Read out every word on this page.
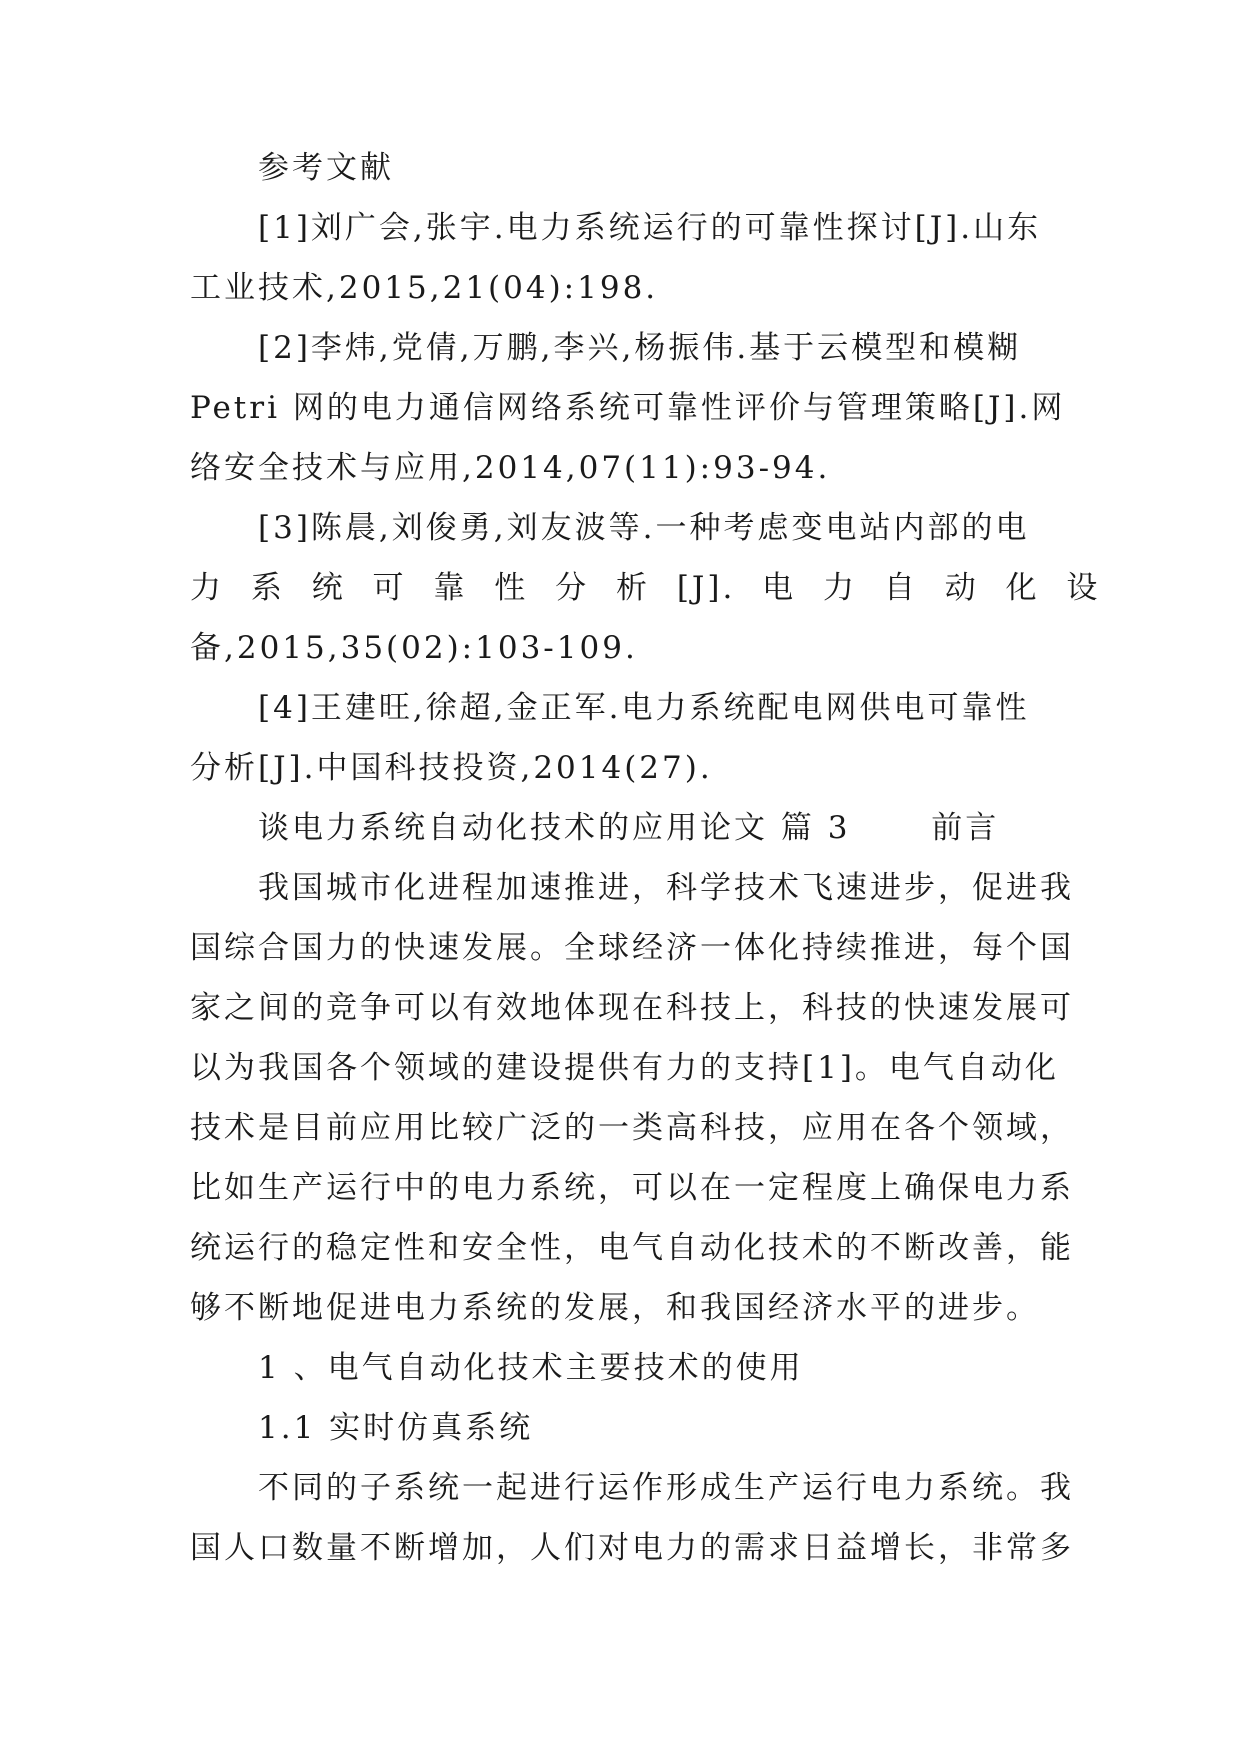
参考文献
[1]刘广会,张宇.电力系统运行的可靠性探讨[J].山东
工业技术,2015,21(04):198.
[2]李炜,党倩,万鹏,李兴,杨振伟.基于云模型和模糊
Petri 网的电力通信网络系统可靠性评价与管理策略[J].网
络安全技术与应用,2014,07(11):93-94.
[3]陈晨,刘俊勇,刘友波等.一种考虑变电站内部的电
力 系 统 可 靠 性 分 析 [J]. 电 力 自 动 化 设
备,2015,35(02):103-109.
[4]王建旺,徐超,金正军.电力系统配电网供电可靠性
分析[J].中国科技投资,2014(27).
谈电力系统自动化技术的应用论文 篇 3　　 前言
我国城市化进程加速推进，科学技术飞速进步，促进我
国综合国力的快速发展。全球经济一体化持续推进，每个国
家之间的竞争可以有效地体现在科技上，科技的快速发展可
以为我国各个领域的建设提供有力的支持[1]。电气自动化
技术是目前应用比较广泛的一类高科技，应用在各个领域，
比如生产运行中的电力系统，可以在一定程度上确保电力系
统运行的稳定性和安全性，电气自动化技术的不断改善，能
够不断地促进电力系统的发展，和我国经济水平的进步。
1 、电气自动化技术主要技术的使用
1.1 实时仿真系统
不同的子系统一起进行运作形成生产运行电力系统。我
国人口数量不断增加，人们对电力的需求日益增长，非常多
